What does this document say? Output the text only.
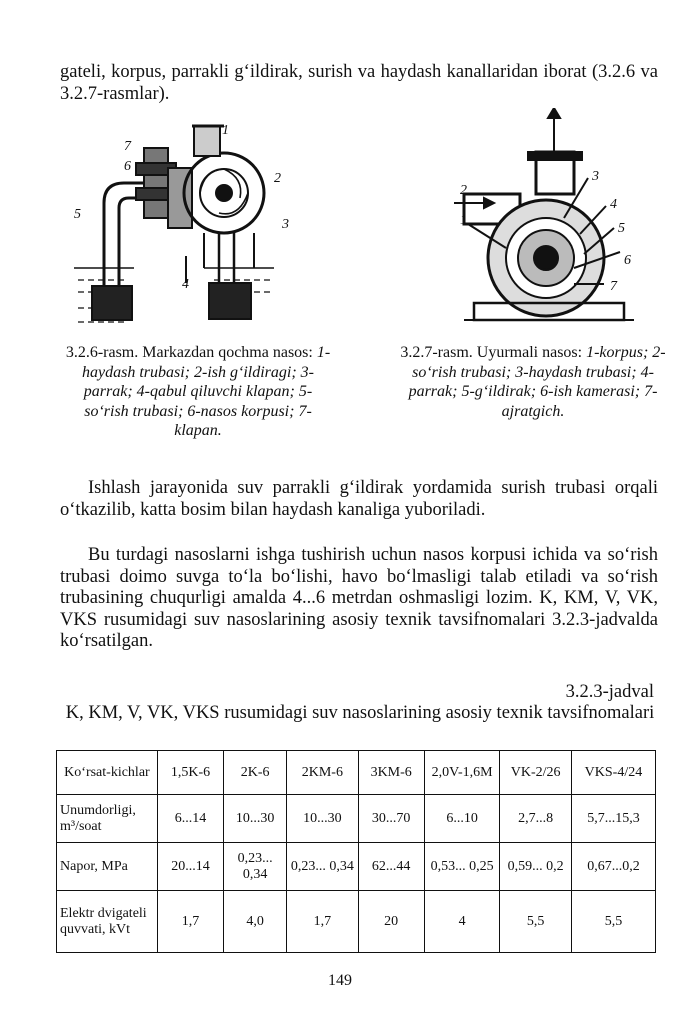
gateli, korpus, parrakli g‘ildirak, surish va haydash kanallaridan iborat (3.2.6 va 3.2.7-rasmlar).

7
6
5
1
2
3
4
3
4
5
6
7
2
1
3.2.6-rasm. Markazdan qochma nasos: 1-haydash trubasi; 2-ish g‘ildiragi; 3-parrak; 4-qabul qiluvchi klapan; 5-so‘rish trubasi; 6-nasos korpusi; 7-klapan.
3.2.7-rasm. Uyurmali nasos: 1-korpus; 2-so‘rish trubasi; 3-haydash trubasi; 4-parrak; 5-g‘ildirak; 6-ish kamerasi; 7-ajratgich.

Ishlash jarayonida suv parrakli g‘ildirak yordamida surish trubasi orqali o‘tkazilib, katta bosim bilan haydash kanaliga yuboriladi.

Bu turdagi nasoslarni ishga tushirish uchun nasos korpusi ichida va so‘rish trubasi doimo suvga to‘la bo‘lishi, havo bo‘lmasligi talab etiladi va so‘rish trubasining chuqurligi amalda 4...6 metrdan oshmasligi lozim. K, KM, V, VK, VKS rusumidagi suv nasoslarining asosiy texnik tavsifnomalari 3.2.3-jadvalda ko‘rsatilgan.

3.2.3-jadval
K, KM, V, VK, VKS rusumidagi suv nasoslarining asosiy texnik tavsifnomalari
Ko‘rsat-kichlar	1,5K-6	2K-6	2KM-6	3KM-6	2,0V-1,6M	VK-2/26	VKS-4/24
Unumdorligi, m³/soat	6...14	10...30	10...30	30...70	6...10	2,7...8	5,7...15,3
Napor, MPa	20...14	0,23... 0,34	0,23... 0,34	62...44	0,53... 0,25	0,59... 0,2	0,67...0,2
Elektr dvigateli quvvati, kVt	1,7	4,0	1,7	20	4	5,5	5,5
149
